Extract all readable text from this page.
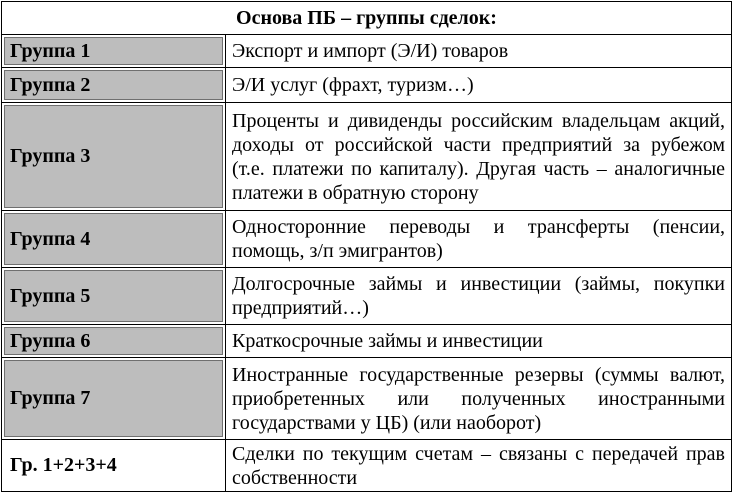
Основа ПБ – группы сделок:	

Группа 1	Экспорт и импорт (Э/И) товаров

Группа 2	Э/И услуг (фрахт, туризм…)

Группа 3	Проценты и дивиденды российским владельцам акций, доходы от российской части предприятий за рубежом (т.е. платежи по капиталу). Другая часть – аналогичные платежи в обратную сторону

Группа 4	Односторонние переводы и трансферты (пенсии, помощь, з/п эмигрантов)

Группа 5	Долгосрочные займы и инвестиции (займы, покупки предприятий…)

Группа 6	Краткосрочные займы и инвестиции

Группа 7	Иностранные государственные резервы (суммы валют, приобретенных или полученных иностранными государствами у ЦБ) (или наоборот)

Гр. 1+2+3+4	Сделки по текущим счетам – связаны с передачей прав собственности
